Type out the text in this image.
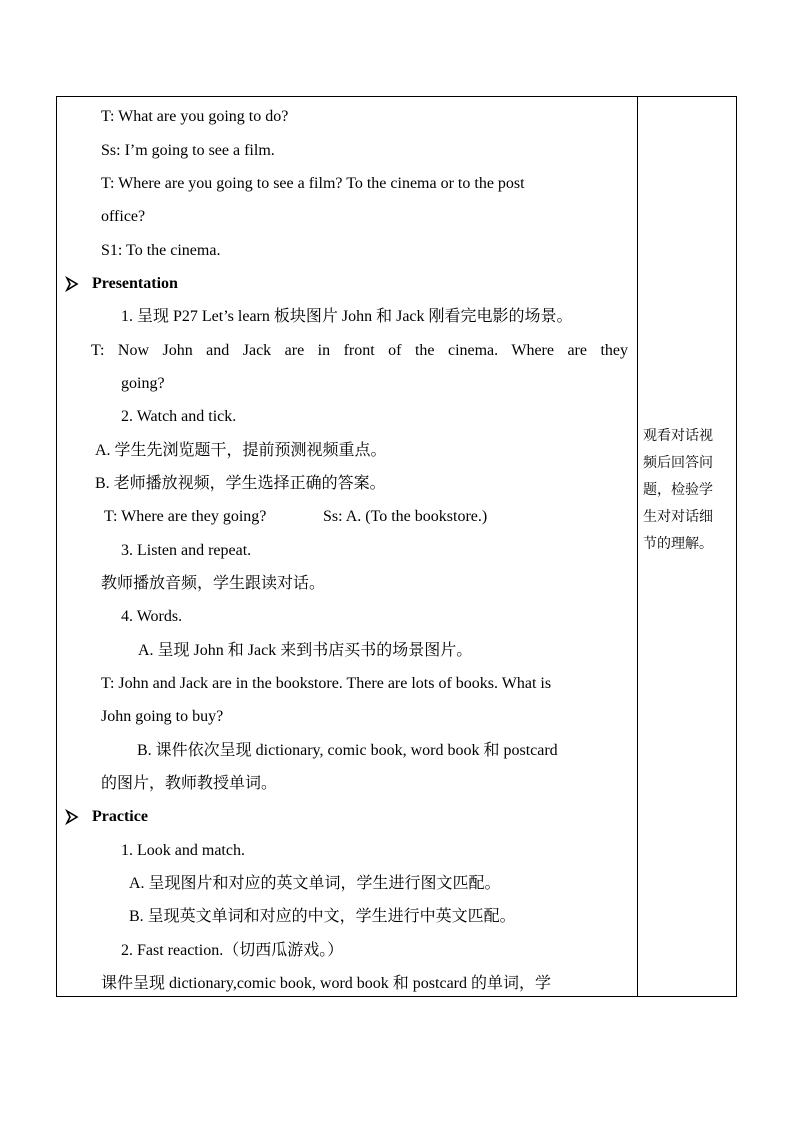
T: What are you going to do?
Ss: I’m going to see a film.
T: Where are you going to see a film? To the cinema or to the post
office?
S1: To the cinema.
Presentation
1. 呈现 P27 Let’s learn 板块图片 John 和 Jack 刚看完电影的场景。
T: Now John and Jack are in front of the cinema. Where are they
going?
2. Watch and tick.
A. 学生先浏览题干，提前预测视频重点。
B. 老师播放视频，学生选择正确的答案。
T: Where are they going?	Ss: A. (To the bookstore.)
3. Listen and repeat.
教师播放音频，学生跟读对话。
4. Words.
A. 呈现 John 和 Jack 来到书店买书的场景图片。
T: John and Jack are in the bookstore. There are lots of books. What is
John going to buy?
B. 课件依次呈现 dictionary, comic book, word book 和 postcard
的图片，教师教授单词。
Practice
1. Look and match.
A. 呈现图片和对应的英文单词，学生进行图文匹配。
B. 呈现英文单词和对应的中文，学生进行中英文匹配。
2. Fast reaction.（切西瓜游戏。）
课件呈现 dictionary,comic book, word book 和 postcard 的单词，学
观看对话视
频后回答问
题，检验学
生对对话细
节的理解。
